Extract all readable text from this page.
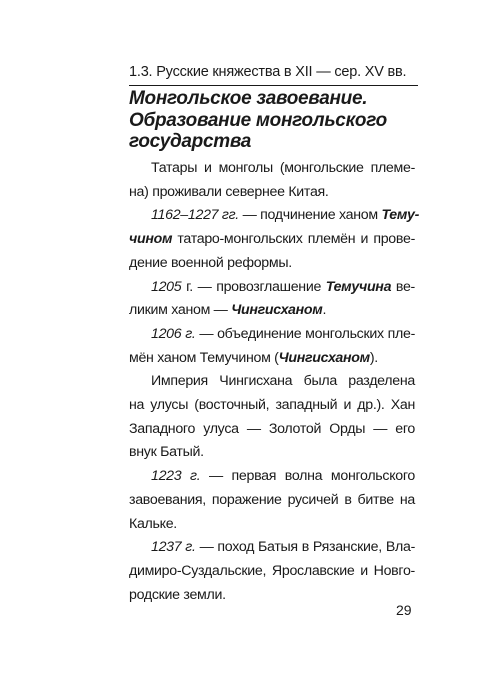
1.3. Русские княжества в XII — сер. XV вв.
Монгольское завоевание.
Образование монгольского
государства

Татары и монголы (монгольские племе-
на) проживали севернее Китая.

1162–1227 гг. — подчинение ханом Тему-
чином татаро-монгольских племён и прове-
дение военной реформы.

1205 г. — провозглашение Темучина ве-
ликим ханом — Чингисханом.

1206 г. — объединение монгольских пле-
мён ханом Темучином (Чингисханом).

Империя Чингисхана была разделена
на улусы (восточный, западный и др.). Хан
Западного улуса — Золотой Орды — его
внук Батый.

1223 г. — первая волна монгольского
завоевания, поражение русичей в битве на
Кальке.

1237 г. — поход Батыя в Рязанские, Вла-
димиро-Суздальские, Ярославские и Новго-
родские земли.

29
